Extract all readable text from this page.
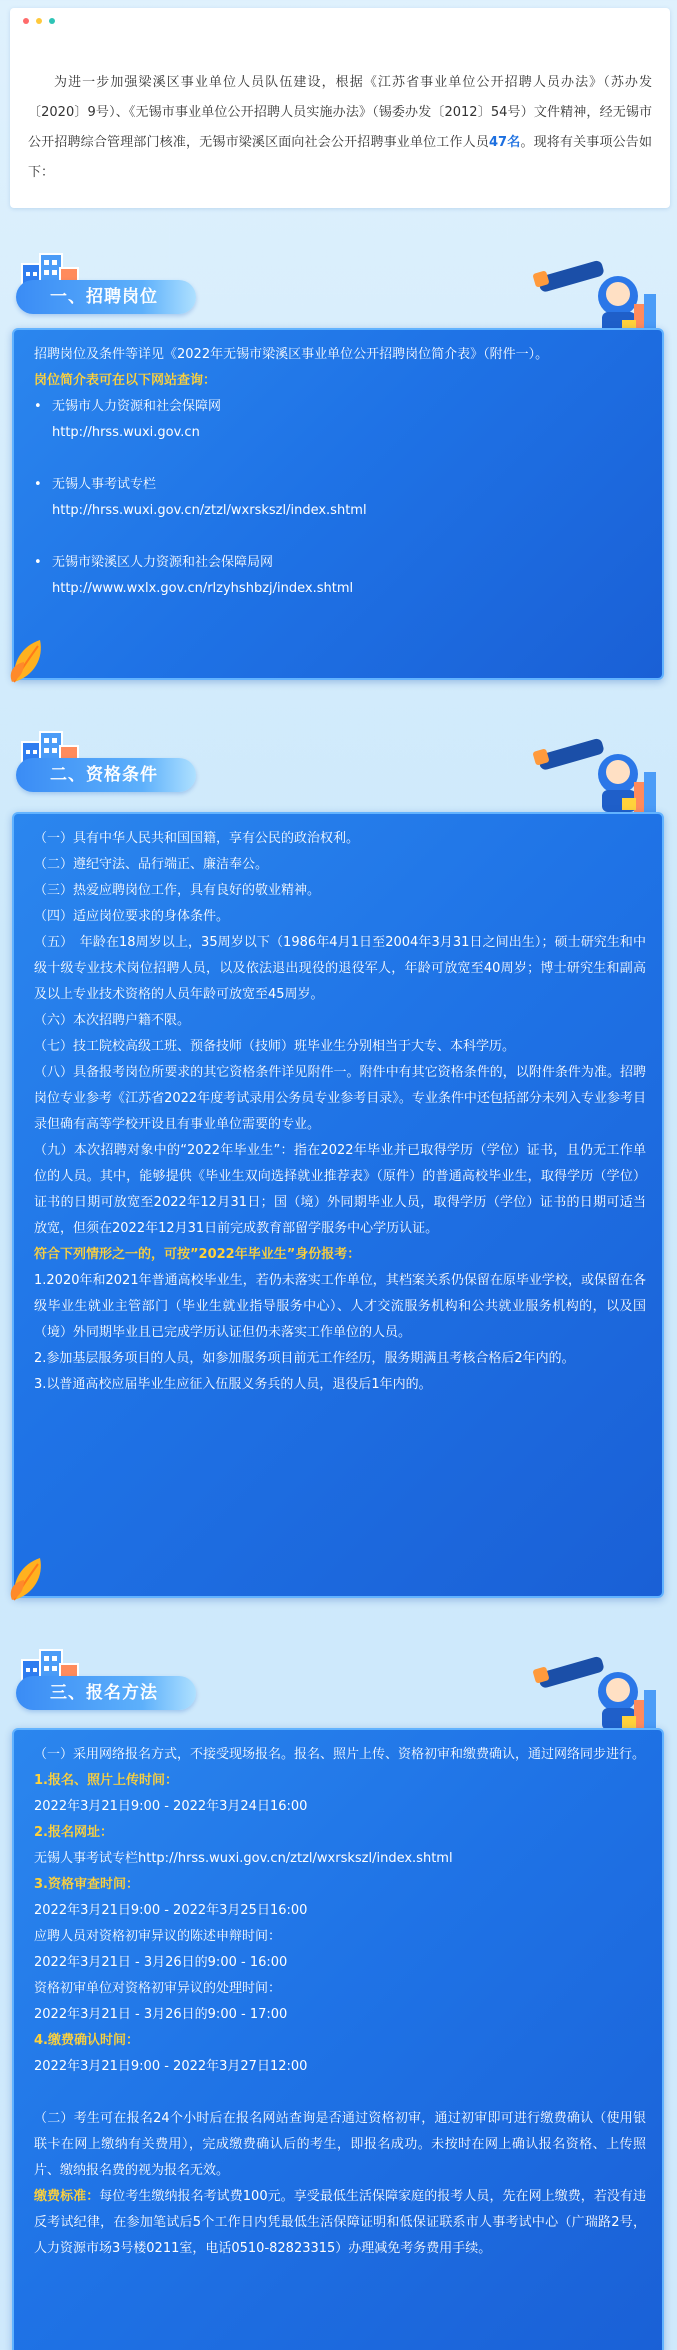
为进一步加强梁溪区事业单位人员队伍建设，根据《江苏省事业单位公开招聘人员办法》（苏办发〔2020〕9号）、《无锡市事业单位公开招聘人员实施办法》（锡委办发〔2012〕54号）文件精神，经无锡市公开招聘综合管理部门核准，无锡市梁溪区面向社会公开招聘事业单位工作人员47名。现将有关事项公告如下：

一、招聘岗位

招聘岗位及条件等详见《2022年无锡市梁溪区事业单位公开招聘岗位简介表》（附件一）。

岗位简介表可在以下网站查询：

• 无锡市人力资源和社会保障网

http://hrss.wuxi.gov.cn

• 无锡人事考试专栏

http://hrss.wuxi.gov.cn/ztzl/wxrskszl/index.shtml

• 无锡市梁溪区人力资源和社会保障局网

http://www.wxlx.gov.cn/rlzyhshbzj/index.shtml

二、资格条件

（一）具有中华人民共和国国籍，享有公民的政治权利。

（二）遵纪守法、品行端正、廉洁奉公。

（三）热爱应聘岗位工作，具有良好的敬业精神。

（四）适应岗位要求的身体条件。

（五）　年龄在18周岁以上，35周岁以下（1986年4月1日至2004年3月31日之间出生）；硕士研究生和中级十级专业技术岗位招聘人员，以及依法退出现役的退役军人，年龄可放宽至40周岁；博士研究生和副高及以上专业技术资格的人员年龄可放宽至45周岁。

（六）本次招聘户籍不限。

（七）技工院校高级工班、预备技师（技师）班毕业生分别相当于大专、本科学历。

（八）具备报考岗位所要求的其它资格条件详见附件一。附件中有其它资格条件的，以附件条件为准。招聘岗位专业参考《江苏省2022年度考试录用公务员专业参考目录》。专业条件中还包括部分未列入专业参考目录但确有高等学校开设且有事业单位需要的专业。

（九）本次招聘对象中的“2022年毕业生”：指在2022年毕业并已取得学历（学位）证书，且仍无工作单位的人员。其中，能够提供《毕业生双向选择就业推荐表》（原件）的普通高校毕业生，取得学历（学位）证书的日期可放宽至2022年12月31日；国（境）外同期毕业人员，取得学历（学位）证书的日期可适当放宽，但须在2022年12月31日前完成教育部留学服务中心学历认证。

符合下列情形之一的，可按”2022年毕业生”身份报考：

1.2020年和2021年普通高校毕业生，若仍未落实工作单位，其档案关系仍保留在原毕业学校，或保留在各级毕业生就业主管部门（毕业生就业指导服务中心）、人才交流服务机构和公共就业服务机构的，以及国（境）外同期毕业且已完成学历认证但仍未落实工作单位的人员。

2.参加基层服务项目的人员，如参加服务项目前无工作经历，服务期满且考核合格后2年内的。

3.以普通高校应届毕业生应征入伍服义务兵的人员，退役后1年内的。

三、报名方法

（一）采用网络报名方式，不接受现场报名。报名、照片上传、资格初审和缴费确认，通过网络同步进行。

1.报名、照片上传时间：

2022年3月21日9:00 - 2022年3月24日16:00

2.报名网址：

无锡人事考试专栏http://hrss.wuxi.gov.cn/ztzl/wxrskszl/index.shtml

3.资格审查时间：

2022年3月21日9:00 - 2022年3月25日16:00

应聘人员对资格初审异议的陈述申辩时间：

2022年3月21日 - 3月26日的9:00 - 16:00

资格初审单位对资格初审异议的处理时间：

2022年3月21日 - 3月26日的9:00 - 17:00

4.缴费确认时间：

2022年3月21日9:00 - 2022年3月27日12:00

（二）考生可在报名24个小时后在报名网站查询是否通过资格初审，通过初审即可进行缴费确认（使用银联卡在网上缴纳有关费用），完成缴费确认后的考生，即报名成功。未按时在网上确认报名资格、上传照片、缴纳报名费的视为报名无效。

缴费标准：每位考生缴纳报名考试费100元。享受最低生活保障家庭的报考人员，先在网上缴费，若没有违反考试纪律，在参加笔试后5个工作日内凭最低生活保障证明和低保证联系市人事考试中心（广瑞路2号，人力资源市场3号楼0211室，电话0510-82823315）办理减免考务费用手续。
